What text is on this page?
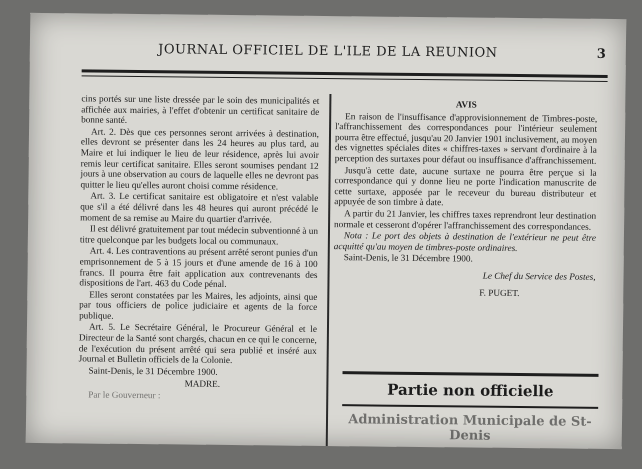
JOURNAL OFFICIEL DE L'ILE DE LA REUNION	3

cins portés sur une liste dressée par le soin des municipalités et affichée aux mairies, à l'effet d'obtenir un certificat sanitaire de bonne santé.

Art. 2. Dès que ces personnes seront arrivées à destination, elles devront se présenter dans les 24 heures au plus tard, au Maire et lui indiquer le lieu de leur résidence, après lui avoir remis leur certificat sanitaire. Elles seront soumises pendant 12 jours à une observation au cours de laquelle elles ne devront pas quitter le lieu qu'elles auront choisi comme résidence.

Art. 3. Le certificat sanitaire est obligatoire et n'est valable que s'il a été délivré dans les 48 heures qui auront précédé le moment de sa remise au Maire du quartier d'arrivée.

Il est délivré gratuitement par tout médecin subventionné à un titre quelconque par les budgets local ou communaux.

Art. 4. Les contraventions au présent arrêté seront punies d'un emprisonnement de 5 à 15 jours et d'une amende de 16 à 100 francs. Il pourra être fait application aux contrevenants des dispositions de l'art. 463 du Code pénal.

Elles seront constatées par les Maires, les adjoints, ainsi que par tous officiers de police judiciaire et agents de la force publique.

Art. 5. Le Secrétaire Général, le Procureur Général et le Directeur de la Santé sont chargés, chacun en ce qui le concerne, de l'exécution du présent arrêté qui sera publié et inséré aux Journal et Bulletin officiels de la Colonie.

Saint-Denis, le 31 Décembre 1900.

MADRE.

Par le Gouverneur :

AVIS

En raison de l'insuffisance d'approvisionnement de Timbres-poste, l'affranchissement des correspondances pour l'intérieur seulement pourra être effectué, jusqu'au 20 Janvier 1901 inclusivement, au moyen des vignettes spéciales dites « chiffres-taxes » servant d'ordinaire à la perception des surtaxes pour défaut ou insuffisance d'affranchissement.

Jusqu'à cette date, aucune surtaxe ne pourra être perçue si la correspondance qui y donne lieu ne porte l'indication manuscrite de cette surtaxe, apposée par le receveur du bureau distributeur et appuyée de son timbre à date.

A partir du 21 Janvier, les chiffres taxes reprendront leur destination normale et cesseront d'opérer l'affranchissement des correspondances.

Nota : Le port des objets à destination de l'extérieur ne peut être acquitté qu'au moyen de timbres-poste ordinaires.

Saint-Denis, le 31 Décembre 1900.

Le Chef du Service des Postes,

F. PUGET.

Partie non officielle
Administration Municipale de St-Denis
